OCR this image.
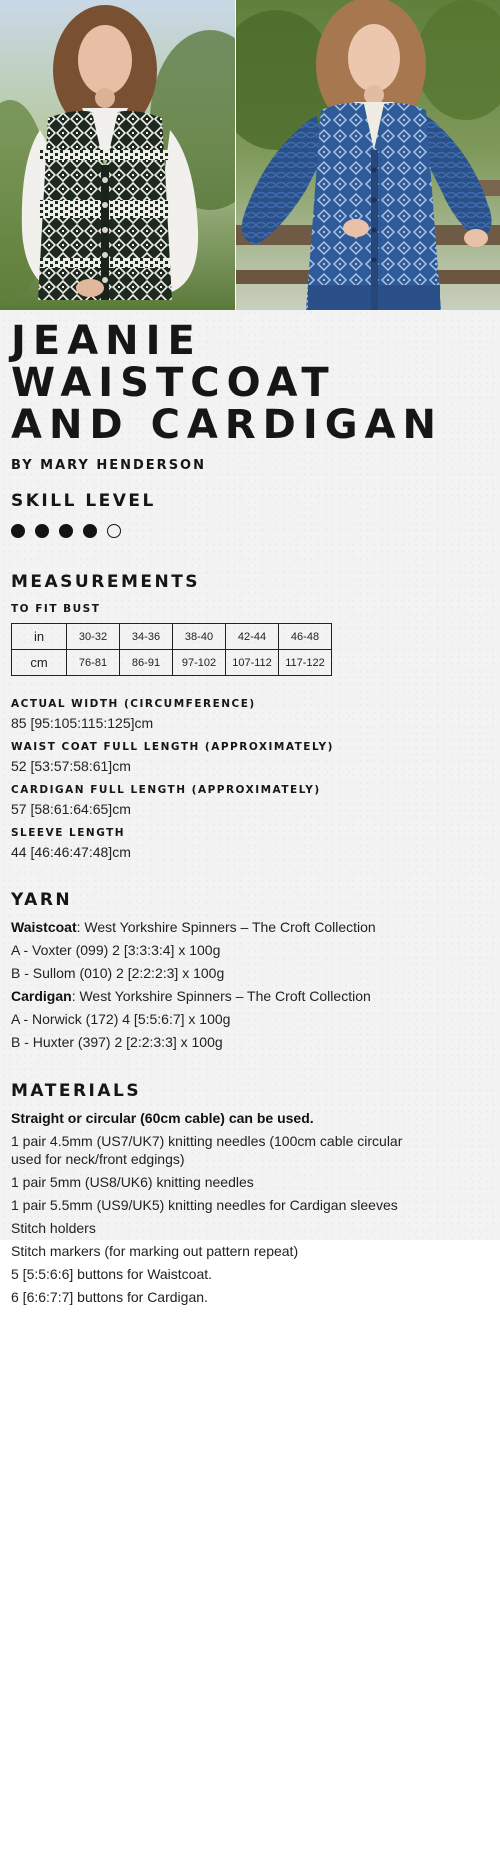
JEANIE WAISTCOAT
AND CARDIGAN

BY MARY HENDERSON

SKILL LEVEL

MEASUREMENTS

TO FIT BUST

in	30-32	34-36	38-40	42-44	46-48
cm	76-81	86-91	97-102	107-112	117-122

ACTUAL WIDTH (CIRCUMFERENCE)

85 [95:105:115:125]cm

WAIST COAT FULL LENGTH (APPROXIMATELY)

52 [53:57:58:61]cm

CARDIGAN FULL LENGTH (APPROXIMATELY)

57 [58:61:64:65]cm

SLEEVE LENGTH

44 [46:46:47:48]cm

YARN

Waistcoat: West Yorkshire Spinners – The Croft Collection

A - Voxter (099) 2 [3:3:3:4] x 100g

B - Sullom (010) 2 [2:2:2:3] x 100g

Cardigan: West Yorkshire Spinners – The Croft Collection

A - Norwick (172) 4 [5:5:6:7] x 100g

B - Huxter (397) 2 [2:2:3:3] x 100g

MATERIALS

Straight or circular (60cm cable) can be used.

1 pair 4.5mm (US7/UK7) knitting needles (100cm cable circular used for neck/front edgings)

1 pair 5mm (US8/UK6) knitting needles

1 pair 5.5mm (US9/UK5) knitting needles for Cardigan sleeves

Stitch holders

Stitch markers (for marking out pattern repeat)

5 [5:5:6:6] buttons for Waistcoat.

6 [6:6:7:7] buttons for Cardigan.
